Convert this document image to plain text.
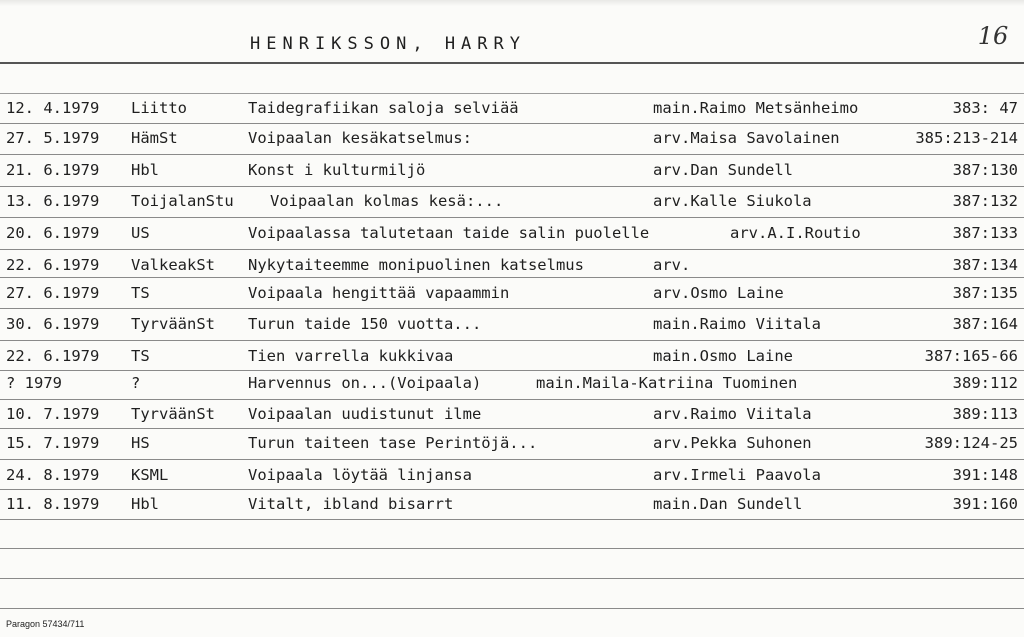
HENRIKSSON, HARRY	16
12. 4.1979 Liitto	Taidegrafiikan saloja selviää	main.Raimo Metsänheimo	383: 47
27. 5.1979 HämSt	Voipaalan kesäkatselmus:	arv.Maisa Savolainen	385:213-214
21. 6.1979 Hbl	Konst i kulturmiljö	arv.Dan Sundell	387:130
13. 6.1979 ToijalanStu Voipaalan kolmas kesä:...	arv.Kalle Siukola	387:132
20. 6.1979 US	Voipaalassa talutetaan taide salin puolelle	arv.A.I.Routio	387:133
22. 6.1979 ValkeakSt Nykytaiteemme monipuolinen katselmus	arv.	387:134
27. 6.1979 TS	Voipaala hengittää vapaammin	arv.Osmo Laine	387:135
30. 6.1979 TyrväänSt Turun taide 150 vuotta...	main.Raimo Viitala	387:164
22. 6.1979 TS	Tien varrella kukkivaa	main.Osmo Laine	387:165-66
? 1979	?	Harvennus on...(Voipaala)	main.Maila-Katriina Tuominen	389:112
10. 7.1979 TyrväänSt Voipaalan uudistunut ilme	arv.Raimo Viitala	389:113
15. 7.1979 HS	Turun taiteen tase Perintöjä...	arv.Pekka Suhonen	389:124-25
24. 8.1979 KSML	Voipaala löytää linjansa	arv.Irmeli Paavola	391:148
11. 8.1979 Hbl	Vitalt, ibland bisarrt	main.Dan Sundell	391:160
Paragon 57434/711
